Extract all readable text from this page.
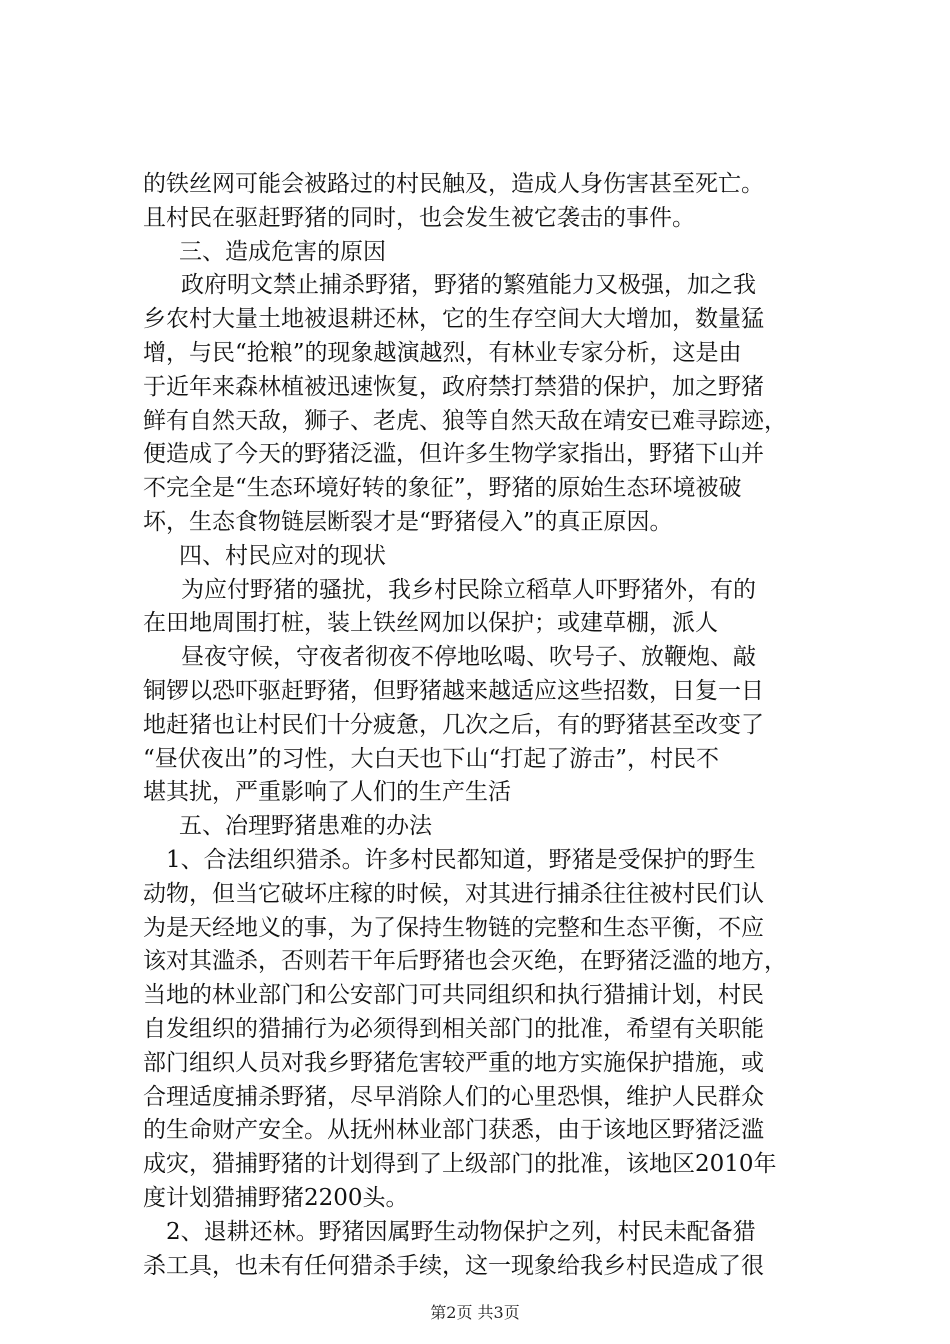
的铁丝网可能会被路过的村民触及，造成人身伤害甚至死亡。
且村民在驱赶野猪的同时，也会发生被它袭击的事件。
三、造成危害的原因
政府明文禁止捕杀野猪，野猪的繁殖能力又极强，加之我
乡农村大量土地被退耕还林，它的生存空间大大增加，数量猛
增，与民“抢粮”的现象越演越烈，有林业专家分析，这是由
于近年来森林植被迅速恢复，政府禁打禁猎的保护，加之野猪
鲜有自然天敌，狮子、老虎、狼等自然天敌在靖安已难寻踪迹，
便造成了今天的野猪泛滥，但许多生物学家指出，野猪下山并
不完全是“生态环境好转的象征”，野猪的原始生态环境被破
坏，生态食物链层断裂才是“野猪侵入”的真正原因。
四、村民应对的现状
为应付野猪的骚扰，我乡村民除立稻草人吓野猪外，有的
在田地周围打桩，装上铁丝网加以保护；或建草棚，派人
昼夜守候，守夜者彻夜不停地吆喝、吹号子、放鞭炮、敲
铜锣以恐吓驱赶野猪，但野猪越来越适应这些招数，日复一日
地赶猪也让村民们十分疲惫，几次之后，有的野猪甚至改变了
“昼伏夜出”的习性，大白天也下山“打起了游击”，村民不
堪其扰，严重影响了人们的生产生活
五、冶理野猪患难的办法
1、合法组织猎杀。许多村民都知道，野猪是受保护的野生
动物，但当它破坏庄稼的时候，对其进行捕杀往往被村民们认
为是天经地义的事，为了保持生物链的完整和生态平衡，不应
该对其滥杀，否则若干年后野猪也会灭绝，在野猪泛滥的地方，
当地的林业部门和公安部门可共同组织和执行猎捕计划，村民
自发组织的猎捕行为必须得到相关部门的批准，希望有关职能
部门组织人员对我乡野猪危害较严重的地方实施保护措施，或
合理适度捕杀野猪，尽早消除人们的心里恐惧，维护人民群众
的生命财产安全。从抚州林业部门获悉，由于该地区野猪泛滥
成灾，猎捕野猪的计划得到了上级部门的批准，该地区2010年
度计划猎捕野猪2200头。
2、退耕还林。野猪因属野生动物保护之列，村民未配备猎
杀工具，也未有任何猎杀手续，这一现象给我乡村民造成了很
第2页 共3页
